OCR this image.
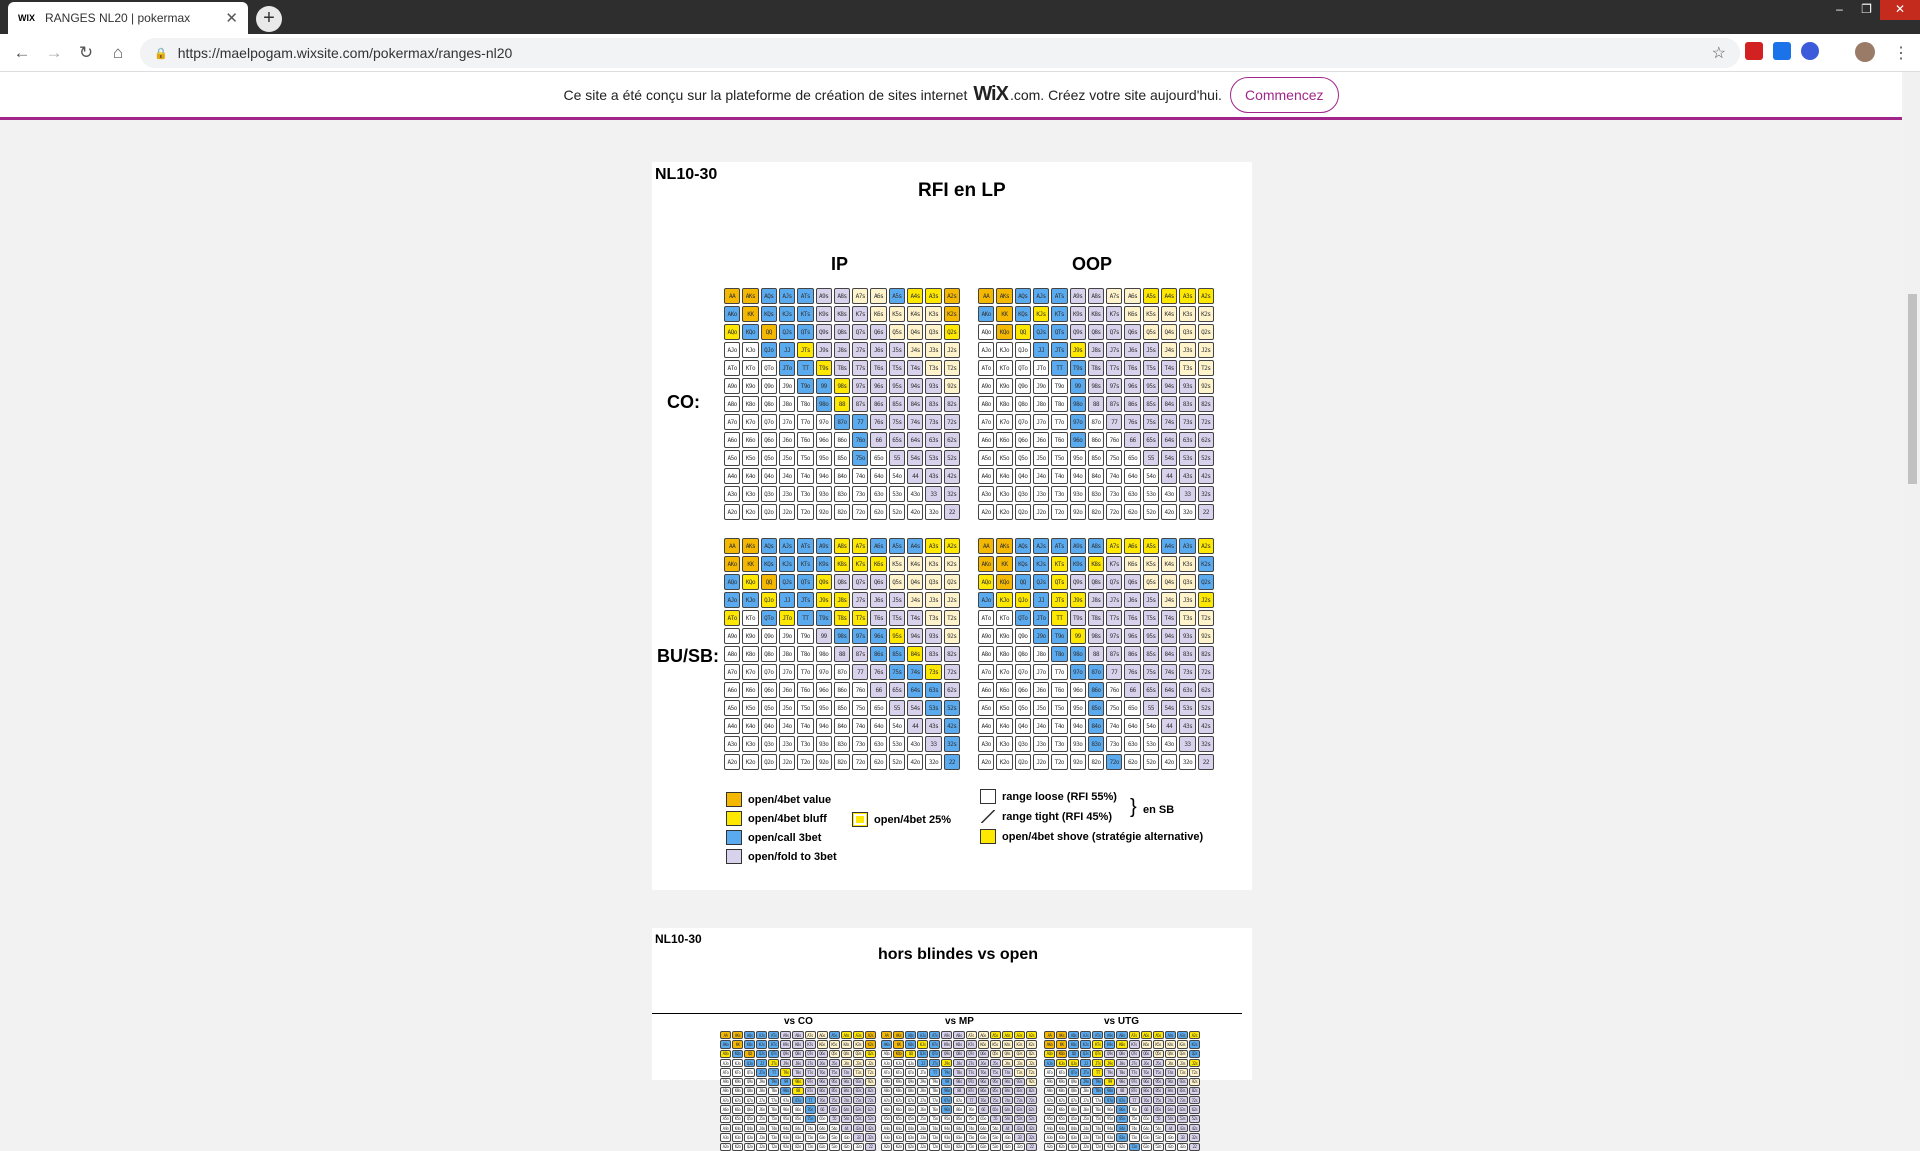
WIX RANGES NL20 | pokermax	✕	+	–	❐	✕
← → ↻	⌂	🔒 https://maelpogam.wixsite.com/pokermax/ranges-nl20	☆	⋮
Ce site a été conçu sur la plateforme de création de sites internet WiX .com. Créez votre site aujourd'hui.	Commencez
NL10-30
RFI en LP
IP	OOP
CO:
BU/SB:
AA	AKs	AQs	AJs	ATs	A9s	A8s	A7s	A6s	A5s	A4s	A3s	A2s
AKo	KK	KQs	KJs	KTs	K9s	K8s	K7s	K6s	K5s	K4s	K3s	K2s
AQo	KQo	QQ	QJs	QTs	Q9s	Q8s	Q7s	Q6s	Q5s	Q4s	Q3s	Q2s
AJo	KJo	QJo	JJ	JTs	J9s	J8s	J7s	J6s	J5s	J4s	J3s	J2s
ATo	KTo	QTo	JTo	TT	T9s	T8s	T7s	T6s	T5s	T4s	T3s	T2s
A9o	K9o	Q9o	J9o	T9o	99	98s	97s	96s	95s	94s	93s	92s
A8o	K8o	Q8o	J8o	T8o	98o	88	87s	86s	85s	84s	83s	82s
A7o	K7o	Q7o	J7o	T7o	97o	87o	77	76s	75s	74s	73s	72s
A6o	K6o	Q6o	J6o	T6o	96o	86o	76o	66	65s	64s	63s	62s
A5o	K5o	Q5o	J5o	T5o	95o	85o	75o	65o	55	54s	53s	52s
A4o	K4o	Q4o	J4o	T4o	94o	84o	74o	64o	54o	44	43s	42s
A3o	K3o	Q3o	J3o	T3o	93o	83o	73o	63o	53o	43o	33	32s
A2o	K2o	Q2o	J2o	T2o	92o	82o	72o	62o	52o	42o	32o	22
AA	AKs	AQs	AJs	ATs	A9s	A8s	A7s	A6s	A5s	A4s	A3s	A2s
AKo	KK	KQs	KJs	KTs	K9s	K8s	K7s	K6s	K5s	K4s	K3s	K2s
AQo	KQo	QQ	QJs	QTs	Q9s	Q8s	Q7s	Q6s	Q5s	Q4s	Q3s	Q2s
AJo	KJo	QJo	JJ	JTs	J9s	J8s	J7s	J6s	J5s	J4s	J3s	J2s
ATo	KTo	QTo	JTo	TT	T9s	T8s	T7s	T6s	T5s	T4s	T3s	T2s
A9o	K9o	Q9o	J9o	T9o	99	98s	97s	96s	95s	94s	93s	92s
A8o	K8o	Q8o	J8o	T8o	98o	88	87s	86s	85s	84s	83s	82s
A7o	K7o	Q7o	J7o	T7o	97o	87o	77	76s	75s	74s	73s	72s
A6o	K6o	Q6o	J6o	T6o	96o	86o	76o	66	65s	64s	63s	62s
A5o	K5o	Q5o	J5o	T5o	95o	85o	75o	65o	55	54s	53s	52s
A4o	K4o	Q4o	J4o	T4o	94o	84o	74o	64o	54o	44	43s	42s
A3o	K3o	Q3o	J3o	T3o	93o	83o	73o	63o	53o	43o	33	32s
A2o	K2o	Q2o	J2o	T2o	92o	82o	72o	62o	52o	42o	32o	22
AA	AKs	AQs	AJs	ATs	A9s	A8s	A7s	A6s	A5s	A4s	A3s	A2s
AKo	KK	KQs	KJs	KTs	K9s	K8s	K7s	K6s	K5s	K4s	K3s	K2s
AQo	KQo	QQ	QJs	QTs	Q9s	Q8s	Q7s	Q6s	Q5s	Q4s	Q3s	Q2s
AJo	KJo	QJo	JJ	JTs	J9s	J8s	J7s	J6s	J5s	J4s	J3s	J2s
ATo	KTo	QTo	JTo	TT	T9s	T8s	T7s	T6s	T5s	T4s	T3s	T2s
A9o	K9o	Q9o	J9o	T9o	99	98s	97s	96s	95s	94s	93s	92s
A8o	K8o	Q8o	J8o	T8o	98o	88	87s	86s	85s	84s	83s	82s
A7o	K7o	Q7o	J7o	T7o	97o	87o	77	76s	75s	74s	73s	72s
A6o	K6o	Q6o	J6o	T6o	96o	86o	76o	66	65s	64s	63s	62s
A5o	K5o	Q5o	J5o	T5o	95o	85o	75o	65o	55	54s	53s	52s
A4o	K4o	Q4o	J4o	T4o	94o	84o	74o	64o	54o	44	43s	42s
A3o	K3o	Q3o	J3o	T3o	93o	83o	73o	63o	53o	43o	33	32s
A2o	K2o	Q2o	J2o	T2o	92o	82o	72o	62o	52o	42o	32o	22
AA	AKs	AQs	AJs	ATs	A9s	A8s	A7s	A6s	A5s	A4s	A3s	A2s
AKo	KK	KQs	KJs	KTs	K9s	K8s	K7s	K6s	K5s	K4s	K3s	K2s
AQo	KQo	QQ	QJs	QTs	Q9s	Q8s	Q7s	Q6s	Q5s	Q4s	Q3s	Q2s
AJo	KJo	QJo	JJ	JTs	J9s	J8s	J7s	J6s	J5s	J4s	J3s	J2s
ATo	KTo	QTo	JTo	TT	T9s	T8s	T7s	T6s	T5s	T4s	T3s	T2s
A9o	K9o	Q9o	J9o	T9o	99	98s	97s	96s	95s	94s	93s	92s
A8o	K8o	Q8o	J8o	T8o	98o	88	87s	86s	85s	84s	83s	82s
A7o	K7o	Q7o	J7o	T7o	97o	87o	77	76s	75s	74s	73s	72s
A6o	K6o	Q6o	J6o	T6o	96o	86o	76o	66	65s	64s	63s	62s
A5o	K5o	Q5o	J5o	T5o	95o	85o	75o	65o	55	54s	53s	52s
A4o	K4o	Q4o	J4o	T4o	94o	84o	74o	64o	54o	44	43s	42s
A3o	K3o	Q3o	J3o	T3o	93o	83o	73o	63o	53o	43o	33	32s
A2o	K2o	Q2o	J2o	T2o	92o	82o	72o	62o	52o	42o	32o	22
open/4bet value
open/4bet bluff
open/call 3bet
open/fold to 3bet
open/4bet 25%
range loose (RFI 55%)
range tight (RFI 45%) } en SB
open/4bet shove (stratégie alternative)
NL10-30
hors blindes vs open
vs CO	vs MP	vs UTG
AA	AKs	AQs	AJs	ATs	A9s	A8s	A7s	A6s	A5s	A4s	A3s	A2s
AKo	KK	KQs	KJs	KTs	K9s	K8s	K7s	K6s	K5s	K4s	K3s	K2s
AQo	KQo	QQ	QJs	QTs	Q9s	Q8s	Q7s	Q6s	Q5s	Q4s	Q3s	Q2s
AJo	KJo	QJo	JJ	JTs	J9s	J8s	J7s	J6s	J5s	J4s	J3s	J2s
ATo	KTo	QTo	JTo	TT	T9s	T8s	T7s	T6s	T5s	T4s	T3s	T2s
A9o	K9o	Q9o	J9o	T9o	99	98s	97s	96s	95s	94s	93s	92s
A8o	K8o	Q8o	J8o	T8o	98o	88	87s	86s	85s	84s	83s	82s
A7o	K7o	Q7o	J7o	T7o	97o	87o	77	76s	75s	74s	73s	72s
A6o	K6o	Q6o	J6o	T6o	96o	86o	76o	66	65s	64s	63s	62s
A5o	K5o	Q5o	J5o	T5o	95o	85o	75o	65o	55	54s	53s	52s
A4o	K4o	Q4o	J4o	T4o	94o	84o	74o	64o	54o	44	43s	42s
A3o	K3o	Q3o	J3o	T3o	93o	83o	73o	63o	53o	43o	33	32s
A2o	K2o	Q2o	J2o	T2o	92o	82o	72o	62o	52o	42o	32o	22
AA	AKs	AQs	AJs	ATs	A9s	A8s	A7s	A6s	A5s	A4s	A3s	A2s
AKo	KK	KQs	KJs	KTs	K9s	K8s	K7s	K6s	K5s	K4s	K3s	K2s
AQo	KQo	QQ	QJs	QTs	Q9s	Q8s	Q7s	Q6s	Q5s	Q4s	Q3s	Q2s
AJo	KJo	QJo	JJ	JTs	J9s	J8s	J7s	J6s	J5s	J4s	J3s	J2s
ATo	KTo	QTo	JTo	TT	T9s	T8s	T7s	T6s	T5s	T4s	T3s	T2s
A9o	K9o	Q9o	J9o	T9o	99	98s	97s	96s	95s	94s	93s	92s
A8o	K8o	Q8o	J8o	T8o	98o	88	87s	86s	85s	84s	83s	82s
A7o	K7o	Q7o	J7o	T7o	97o	87o	77	76s	75s	74s	73s	72s
A6o	K6o	Q6o	J6o	T6o	96o	86o	76o	66	65s	64s	63s	62s
A5o	K5o	Q5o	J5o	T5o	95o	85o	75o	65o	55	54s	53s	52s
A4o	K4o	Q4o	J4o	T4o	94o	84o	74o	64o	54o	44	43s	42s
A3o	K3o	Q3o	J3o	T3o	93o	83o	73o	63o	53o	43o	33	32s
A2o	K2o	Q2o	J2o	T2o	92o	82o	72o	62o	52o	42o	32o	22
AA	AKs	AQs	AJs	ATs	A9s	A8s	A7s	A6s	A5s	A4s	A3s	A2s
AKo	KK	KQs	KJs	KTs	K9s	K8s	K7s	K6s	K5s	K4s	K3s	K2s
AQo	KQo	QQ	QJs	QTs	Q9s	Q8s	Q7s	Q6s	Q5s	Q4s	Q3s	Q2s
AJo	KJo	QJo	JJ	JTs	J9s	J8s	J7s	J6s	J5s	J4s	J3s	J2s
ATo	KTo	QTo	JTo	TT	T9s	T8s	T7s	T6s	T5s	T4s	T3s	T2s
A9o	K9o	Q9o	J9o	T9o	99	98s	97s	96s	95s	94s	93s	92s
A8o	K8o	Q8o	J8o	T8o	98o	88	87s	86s	85s	84s	83s	82s
A7o	K7o	Q7o	J7o	T7o	97o	87o	77	76s	75s	74s	73s	72s
A6o	K6o	Q6o	J6o	T6o	96o	86o	76o	66	65s	64s	63s	62s
A5o	K5o	Q5o	J5o	T5o	95o	85o	75o	65o	55	54s	53s	52s
A4o	K4o	Q4o	J4o	T4o	94o	84o	74o	64o	54o	44	43s	42s
A3o	K3o	Q3o	J3o	T3o	93o	83o	73o	63o	53o	43o	33	32s
A2o	K2o	Q2o	J2o	T2o	92o	82o	72o	62o	52o	42o	32o	22
